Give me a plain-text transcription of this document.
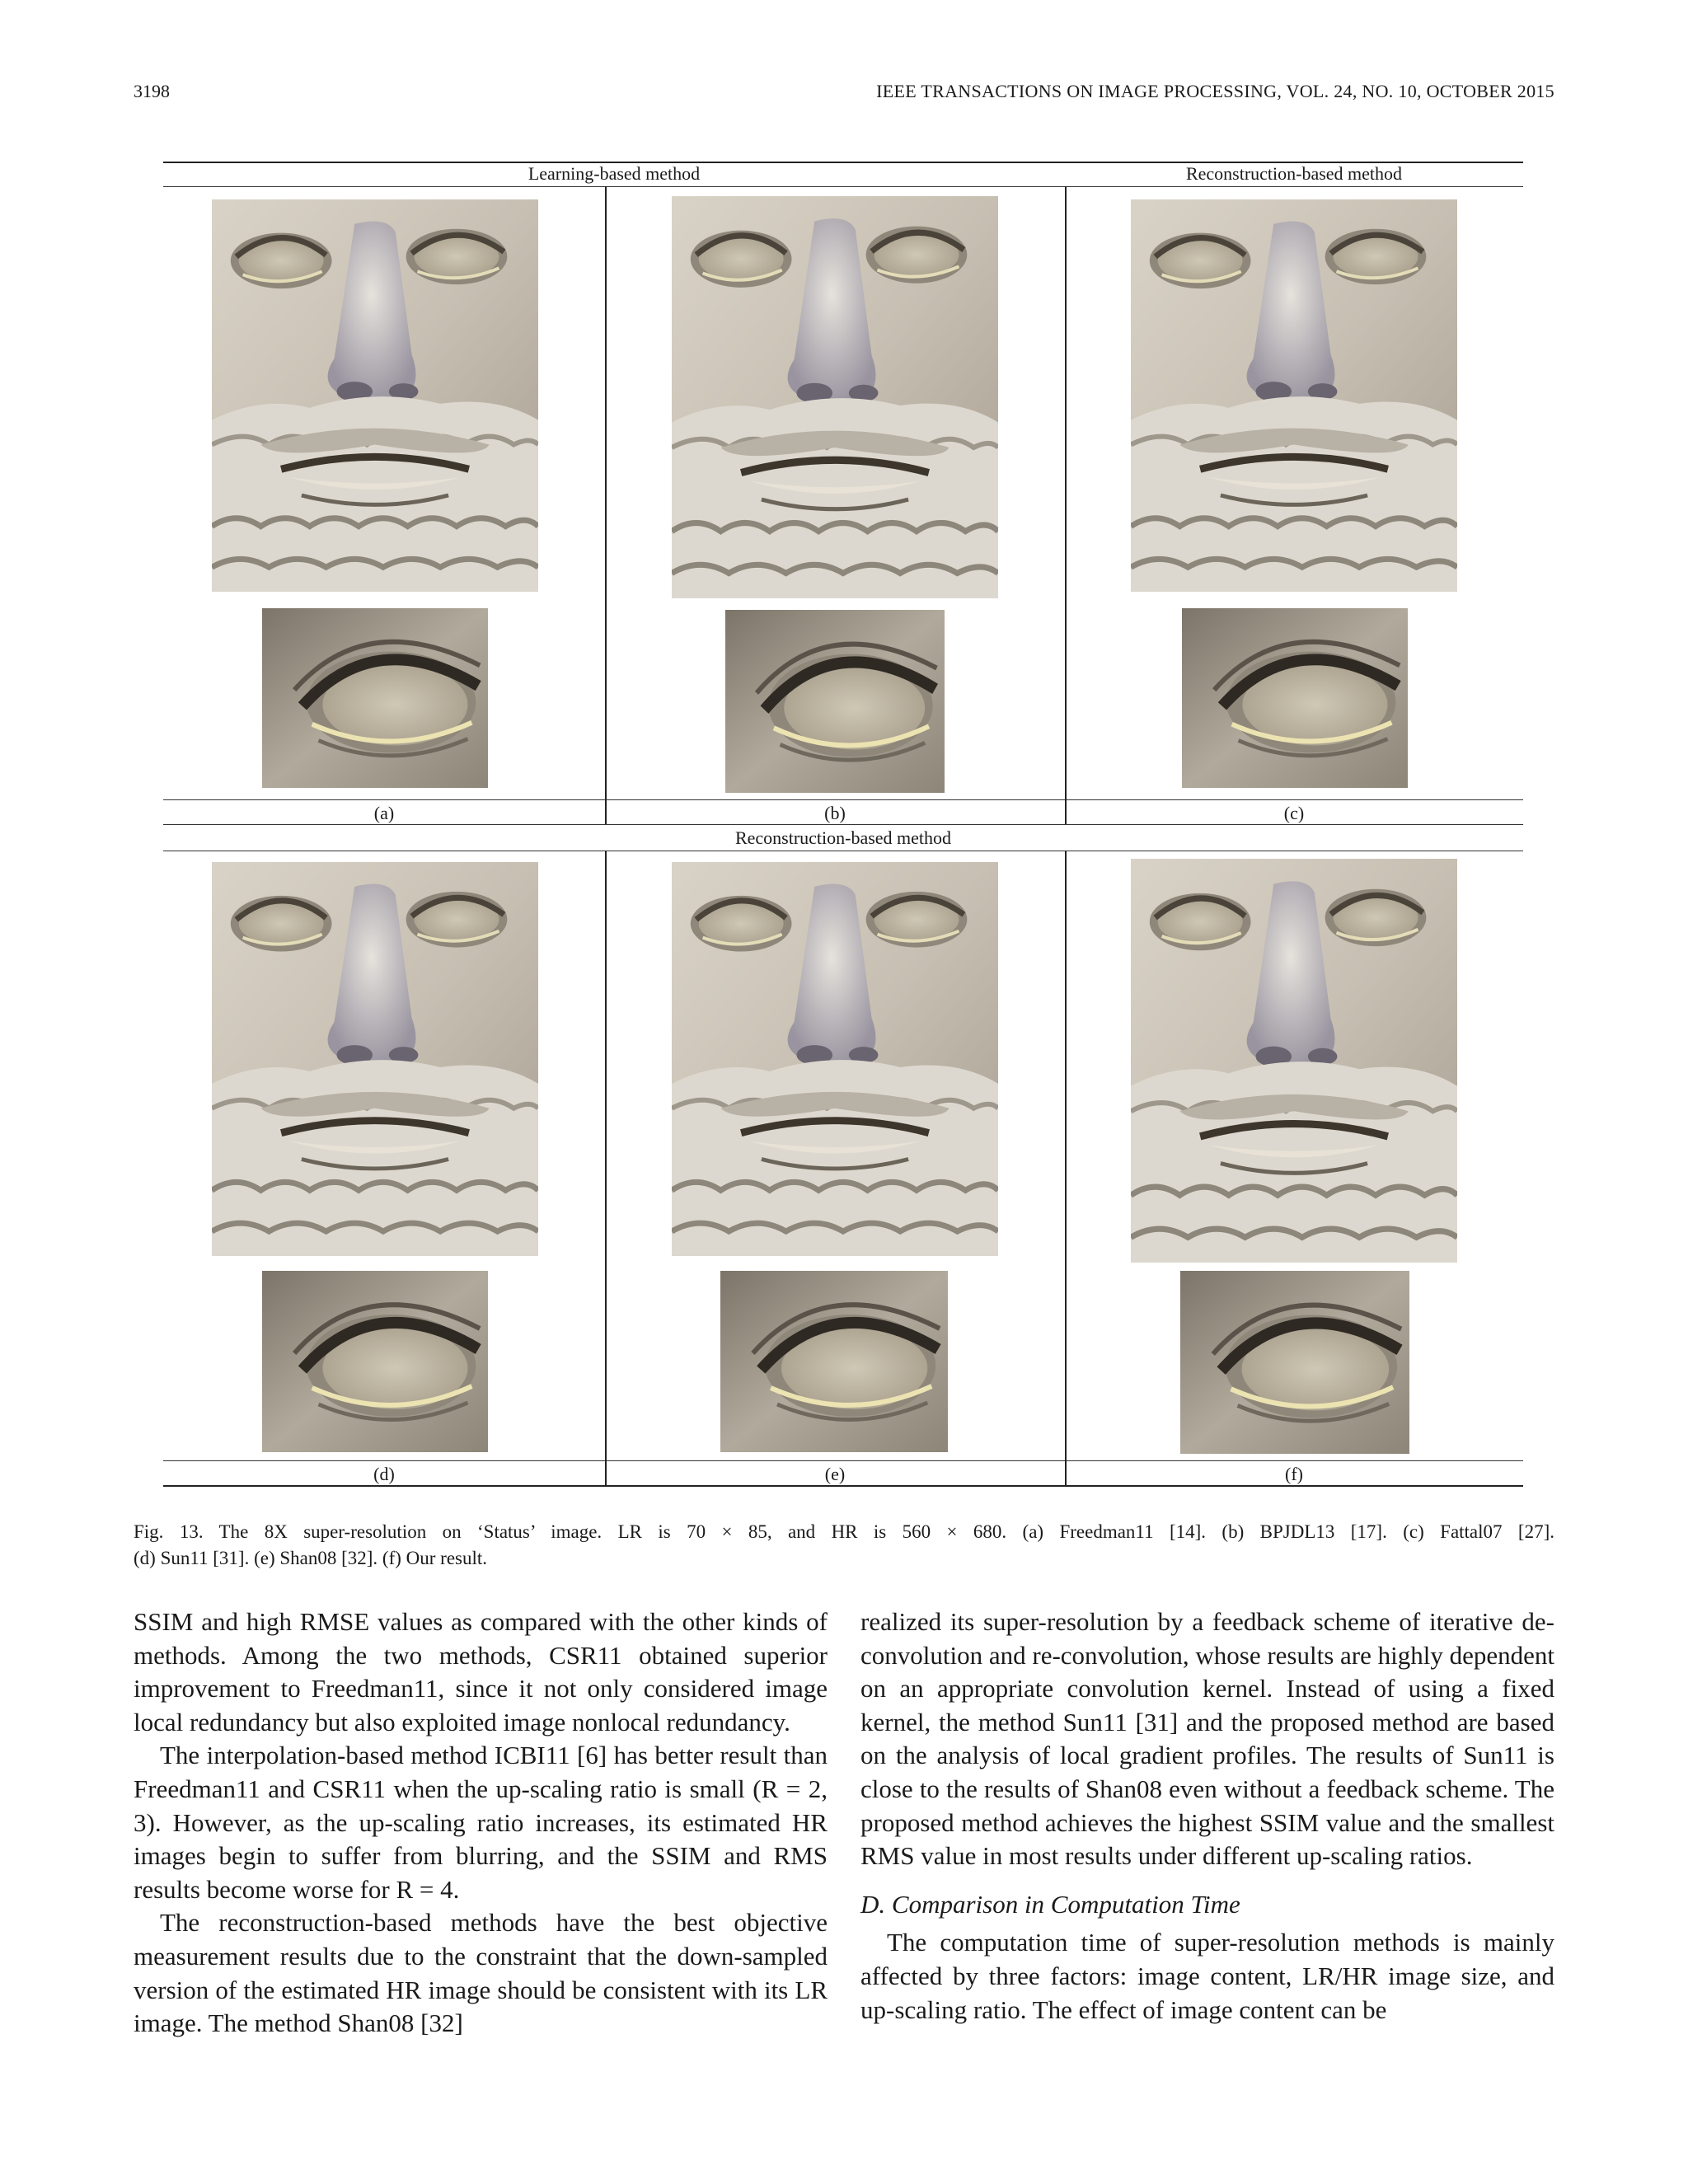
3198	IEEE TRANSACTIONS ON IMAGE PROCESSING, VOL. 24, NO. 10, OCTOBER 2015
Learning-based method	Reconstruction-based method
(a)	(b)	(c)
Reconstruction-based method
(d)	(e)	(f)
Fig. 13. The 8X super-resolution on ‘Status’ image. LR is 70 × 85, and HR is 560 × 680. (a) Freedman11 [14]. (b) BPJDL13 [17]. (c) Fattal07 [27].
(d) Sun11 [31]. (e) Shan08 [32]. (f) Our result.

SSIM and high RMSE values as compared with the other kinds of methods. Among the two methods, CSR11 obtained superior improvement to Freedman11, since it not only considered image local redundancy but also exploited image nonlocal redundancy.

The interpolation-based method ICBI11 [6] has better result than Freedman11 and CSR11 when the up-scaling ratio is small (R = 2, 3). However, as the up-scaling ratio increases, its estimated HR images begin to suffer from blurring, and the SSIM and RMS results become worse for R = 4.

The reconstruction-based methods have the best objective measurement results due to the constraint that the down-sampled version of the estimated HR image should be consistent with its LR image. The method Shan08 [32]

realized its super-resolution by a feedback scheme of iterative de-convolution and re-convolution, whose results are highly dependent on an appropriate convolution kernel. Instead of using a fixed kernel, the method Sun11 [31] and the proposed method are based on the analysis of local gradient profiles. The results of Sun11 is close to the results of Shan08 even without a feedback scheme. The proposed method achieves the highest SSIM value and the smallest RMS value in most results under different up-scaling ratios.

D. Comparison in Computation Time

The computation time of super-resolution methods is mainly affected by three factors: image content, LR/HR image size, and up-scaling ratio. The effect of image content can be
